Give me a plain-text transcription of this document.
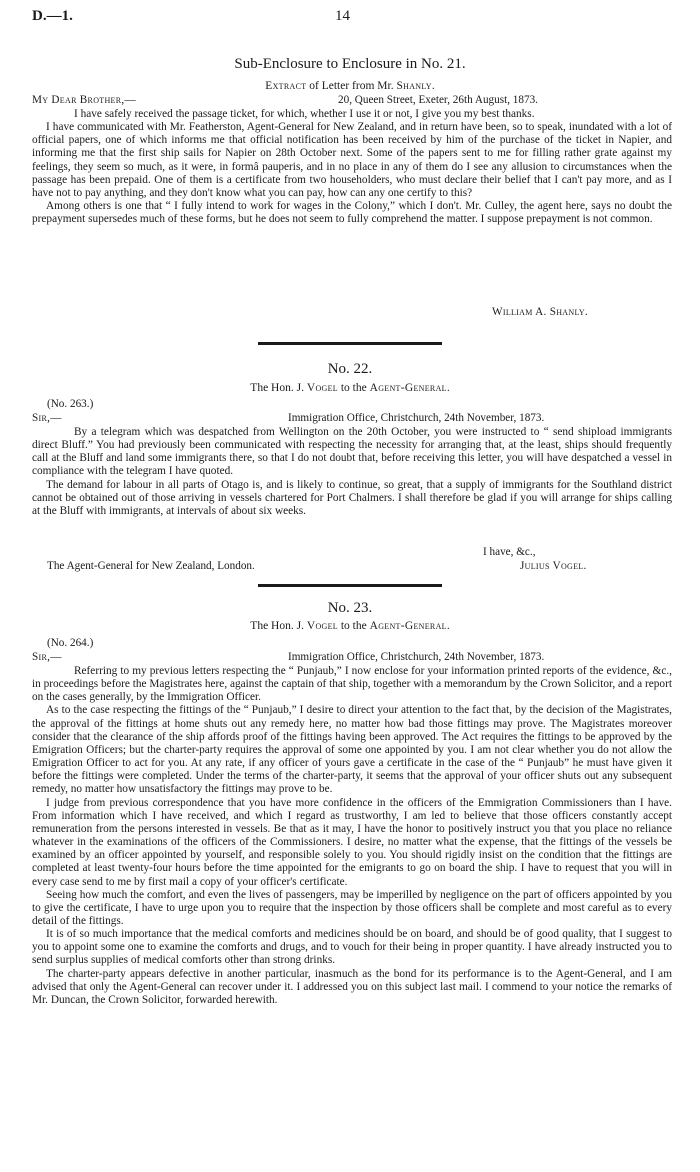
D.—1.	14
Sub-Enclosure to Enclosure in No. 21.
Extract of Letter from Mr. Shanly.
My Dear Brother,—	20, Queen Street, Exeter, 26th August, 1873.

I have safely received the passage ticket, for which, whether I use it or not, I give you my best thanks.

I have communicated with Mr. Featherston, Agent-General for New Zealand, and in return have been, so to speak, inundated with a lot of official papers, one of which informs me that official notification has been received by him of the purchase of the ticket in Napier, and informing me that the first ship sails for Napier on 28th October next. Some of the papers sent to me for filling rather grate against my feelings, they seem so much, as it were, in formâ pauperis, and in no place in any of them do I see any allusion to circumstances when the passage has been prepaid. One of them is a certificate from two householders, who must declare their belief that I can't pay more, and as I have not to pay anything, and they don't know what you can pay, how can any one certify to this?

Among others is one that “ I fully intend to work for wages in the Colony,” which I don't. Mr. Culley, the agent here, says no doubt the prepayment supersedes much of these forms, but he does not seem to fully comprehend the matter. I suppose prepayment is not common.

William A. Shanly.
No. 22.
The Hon. J. Vogel to the Agent-General.
(No. 263.)
Sir,—	Immigration Office, Christchurch, 24th November, 1873.

By a telegram which was despatched from Wellington on the 20th October, you were instructed to “ send shipload immigrants direct Bluff.” You had previously been communicated with respecting the necessity for arranging that, at the least, ships should frequently call at the Bluff and land some immigrants there, so that I do not doubt that, before receiving this letter, you will have despatched a vessel in compliance with the telegram I have quoted.

The demand for labour in all parts of Otago is, and is likely to continue, so great, that a supply of immigrants for the Southland district cannot be obtained out of those arriving in vessels chartered for Port Chalmers. I shall therefore be glad if you will arrange for ships calling at the Bluff with immigrants, at intervals of about six weeks.

I have, &c.,
The Agent-General for New Zealand, London.	Julius Vogel.
No. 23.
The Hon. J. Vogel to the Agent-General.
(No. 264.)
Sir,—	Immigration Office, Christchurch, 24th November, 1873.

Referring to my previous letters respecting the “ Punjaub,” I now enclose for your information printed reports of the evidence, &c., in proceedings before the Magistrates here, against the captain of that ship, together with a memorandum by the Crown Solicitor, and a report on the cases generally, by the Immigration Officer.

As to the case respecting the fittings of the “ Punjaub,” I desire to direct your attention to the fact that, by the decision of the Magistrates, the approval of the fittings at home shuts out any remedy here, no matter how bad those fittings may prove. The Magistrates moreover consider that the clearance of the ship affords proof of the fittings having been approved. The Act requires the fittings to be approved by the Emigration Officers; but the charter-party requires the approval of some one appointed by you. I am not clear whether you do not allow the Emigration Officer to act for you. At any rate, if any officer of yours gave a certificate in the case of the “ Punjaub” he must have given it before the fittings were completed. Under the terms of the charter-party, it seems that the approval of your officer shuts out any subsequent remedy, no matter how unsatisfactory the fittings may prove to be.

I judge from previous correspondence that you have more confidence in the officers of the Emmigration Commissioners than I have. From information which I have received, and which I regard as trustworthy, I am led to believe that those officers constantly accept remuneration from the persons interested in vessels. Be that as it may, I have the honor to positively instruct you that you place no reliance whatever in the examinations of the officers of the Commissioners. I desire, no matter what the expense, that the fittings of the vessels be examined by an officer appointed by yourself, and responsible solely to you. You should rigidly insist on the condition that the fittings are completed at least twenty-four hours before the time appointed for the emigrants to go on board the ship. I have to request that you will in every case send to me by first mail a copy of your officer's certificate.

Seeing how much the comfort, and even the lives of passengers, may be imperilled by negligence on the part of officers appointed by you to give the certificate, I have to urge upon you to require that the inspection by those officers shall be complete and most careful as to every detail of the fittings.

It is of so much importance that the medical comforts and medicines should be on board, and should be of good quality, that I suggest to you to appoint some one to examine the comforts and drugs, and to vouch for their being in proper quantity. I have already instructed you to send surplus supplies of medical comforts other than strong drinks.

The charter-party appears defective in another particular, inasmuch as the bond for its performance is to the Agent-General, and I am advised that only the Agent-General can recover under it. I addressed you on this subject last mail. I commend to your notice the remarks of Mr. Duncan, the Crown Solicitor, forwarded herewith.
